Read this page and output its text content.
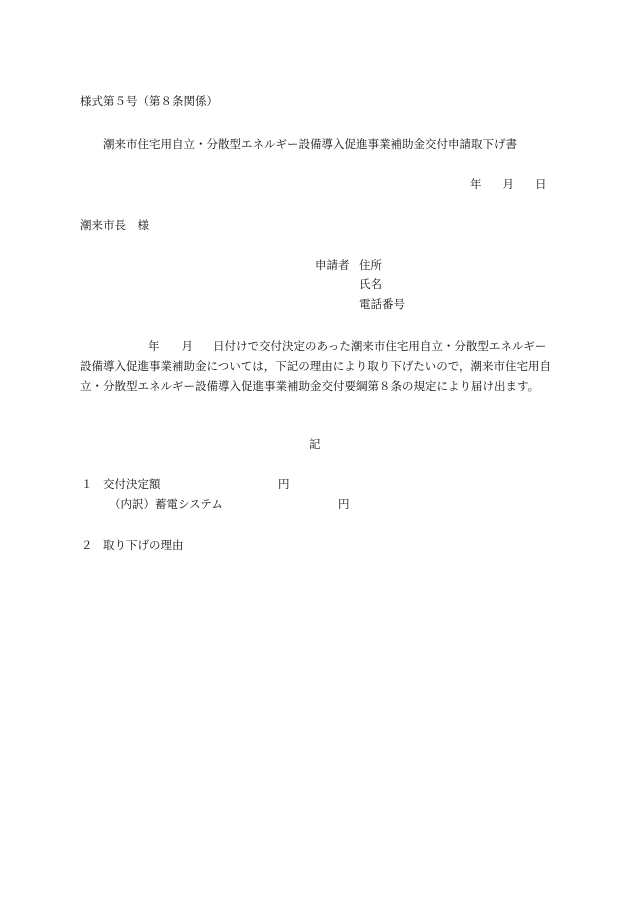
様式第５号（第８条関係）
潮来市住宅用自立・分散型エネルギー設備導入促進事業補助金交付申請取下げ書
年 月 日
潮来市長　様
申請者 住所
氏名
電話番号
年 月 日付けで交付決定のあった潮来市住宅用自立・分散型エネルギー設備導入促進事業補助金については，下記の理由により取り下げたいので，潮来市住宅用自立・分散型エネルギー設備導入促進事業補助金交付要綱第８条の規定により届け出ます。
記
１ 交付決定額	円
（内訳）蓄電システム	円
２ 取り下げの理由
